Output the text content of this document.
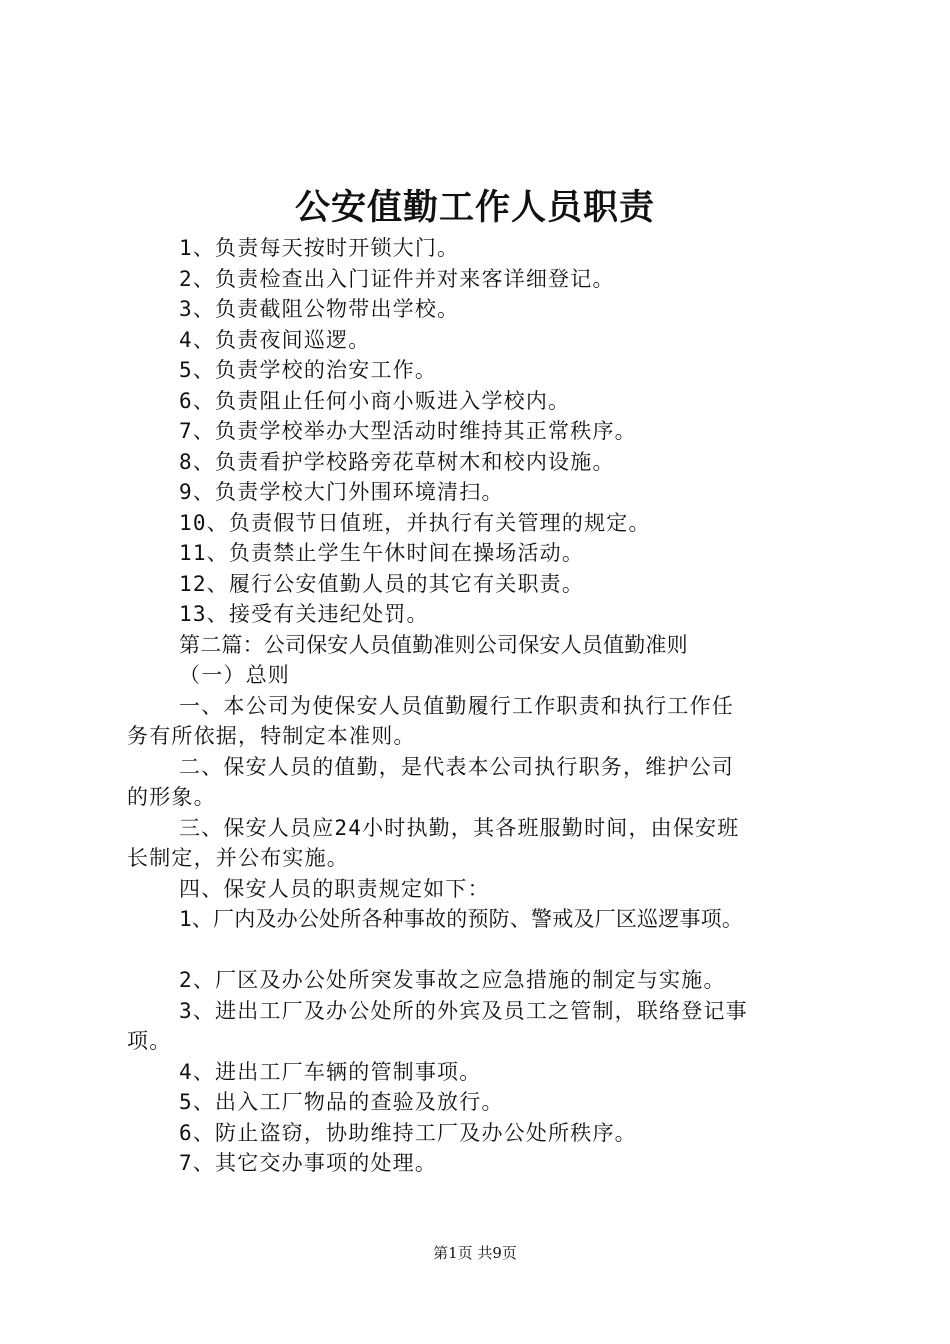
公安值勤工作人员职责
1、负责每天按时开锁大门。
2、负责检查出入门证件并对来客详细登记。
3、负责截阻公物带出学校。
4、负责夜间巡逻。
5、负责学校的治安工作。
6、负责阻止任何小商小贩进入学校内。
7、负责学校举办大型活动时维持其正常秩序。
8、负责看护学校路旁花草树木和校内设施。
9、负责学校大门外围环境清扫。
10、负责假节日值班，并执行有关管理的规定。
11、负责禁止学生午休时间在操场活动。
12、履行公安值勤人员的其它有关职责。
13、接受有关违纪处罚。
第二篇：公司保安人员值勤准则公司保安人员值勤准则
（一）总则
一、本公司为使保安人员值勤履行工作职责和执行工作任
务有所依据，特制定本准则。
二、保安人员的值勤，是代表本公司执行职务，维护公司
的形象。
三、保安人员应24小时执勤，其各班服勤时间，由保安班
长制定，并公布实施。
四、保安人员的职责规定如下：
1、厂内及办公处所各种事故的预防、警戒及厂区巡逻事项。
2、厂区及办公处所突发事故之应急措施的制定与实施。
3、进出工厂及办公处所的外宾及员工之管制，联络登记事
项。
4、进出工厂车辆的管制事项。
5、出入工厂物品的查验及放行。
6、防止盗窃，协助维持工厂及办公处所秩序。
7、其它交办事项的处理。
第1页 共9页
